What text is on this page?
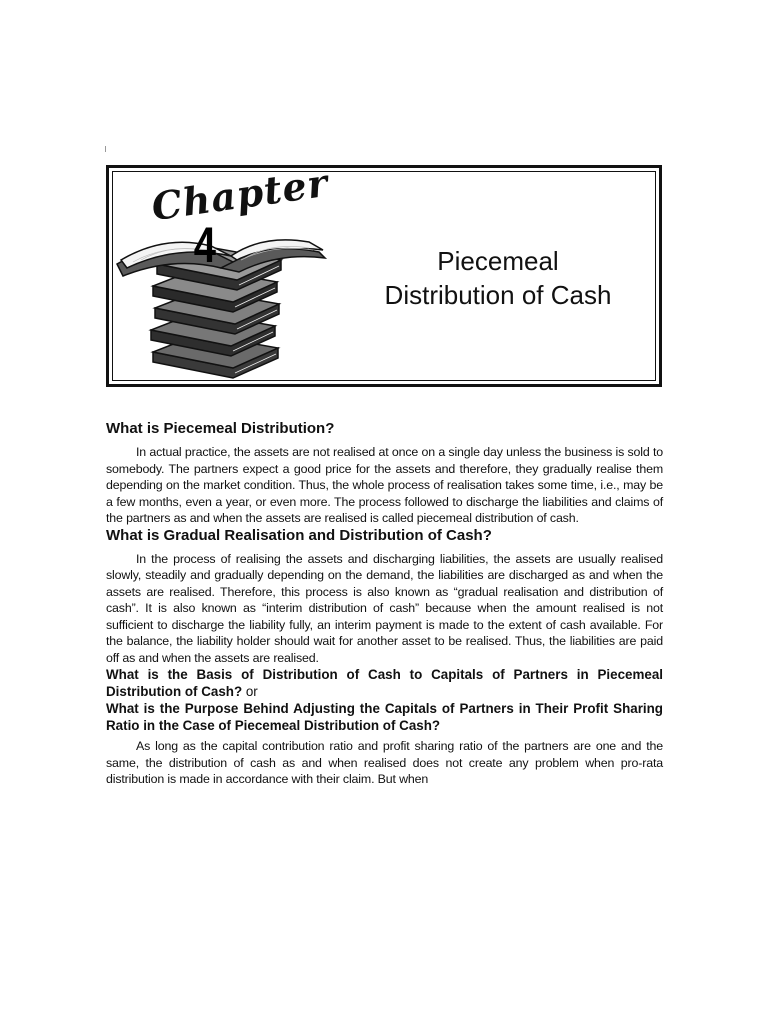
Chapter
4	Piecemeal
Distribution of Cash
What is Piecemeal Distribution?

In actual practice, the assets are not realised at once on a single day unless the business is sold to somebody. The partners expect a good price for the assets and therefore, they gradually realise them depending on the market condition. Thus, the whole process of realisation takes some time, i.e., may be a few months, even a year, or even more. The process followed to discharge the liabilities and claims of the partners as and when the assets are realised is called piecemeal distribution of cash.

What is Gradual Realisation and Distribution of Cash?

In the process of realising the assets and discharging liabilities, the assets are usually realised slowly, steadily and gradually depending on the demand, the liabilities are discharged as and when the assets are realised. Therefore, this process is also known as “gradual realisation and distribution of cash”. It is also known as “interim distribution of cash” because when the amount realised is not sufficient to discharge the liability fully, an interim payment is made to the extent of cash available. For the balance, the liability holder should wait for another asset to be realised. Thus, the liabilities are paid off as and when the assets are realised.

What is the Basis of Distribution of Cash to Capitals of Partners in Piecemeal Distribution of Cash? or
What is the Purpose Behind Adjusting the Capitals of Partners in Their Profit Sharing Ratio in the Case of Piecemeal Distribution of Cash?

As long as the capital contribution ratio and profit sharing ratio of the partners are one and the same, the distribution of cash as and when realised does not create any problem when pro-rata distribution is made in accordance with their claim. But when
